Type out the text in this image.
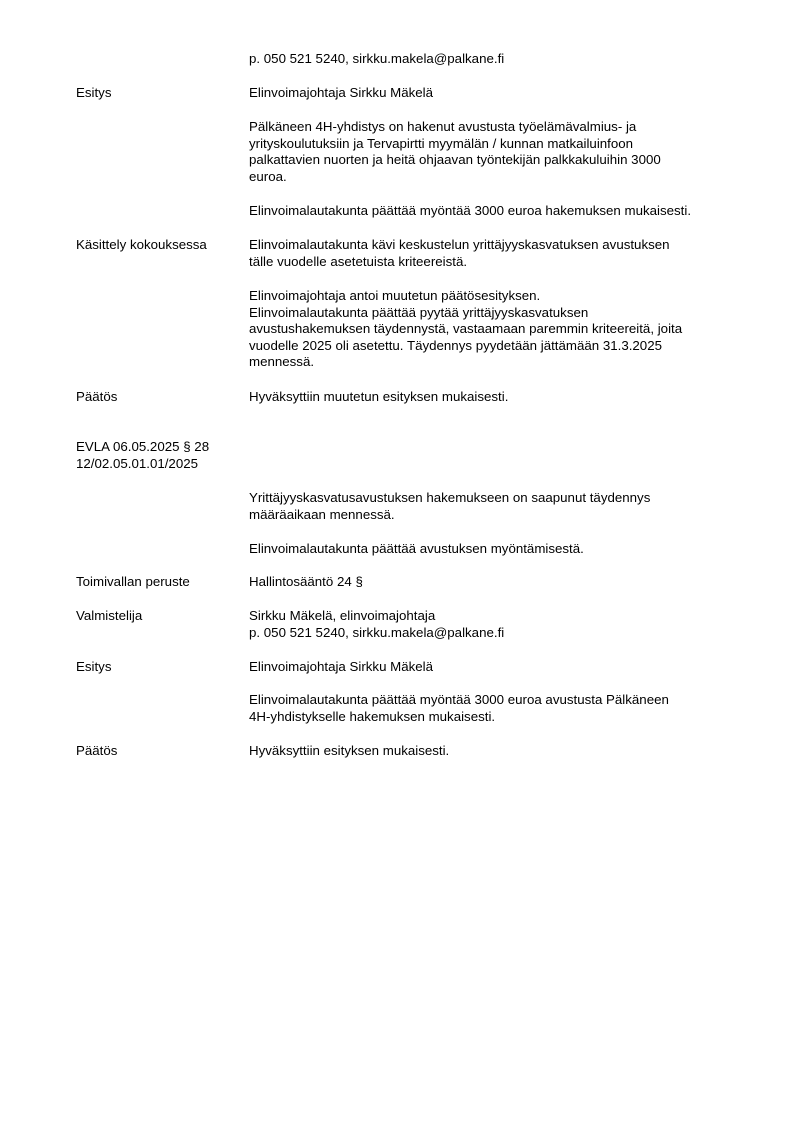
p. 050 521 5240, sirkku.makela@palkane.fi
Esitys	Elinvoimajohtaja Sirkku Mäkelä
Pälkäneen 4H-yhdistys on hakenut avustusta työelämävalmius- ja
yrityskoulutuksiin ja Tervapirtti myymälän / kunnan matkailuinfoon
palkattavien nuorten ja heitä ohjaavan työntekijän palkkakuluihin 3000
euroa.
Elinvoimalautakunta päättää myöntää 3000 euroa hakemuksen mukaisesti.
Käsittely kokouksessa	Elinvoimalautakunta kävi keskustelun yrittäjyyskasvatuksen avustuksen
tälle vuodelle asetetuista kriteereistä.
Elinvoimajohtaja antoi muutetun päätösesityksen.
Elinvoimalautakunta päättää pyytää yrittäjyyskasvatuksen
avustushakemuksen täydennystä, vastaamaan paremmin kriteereitä, joita
vuodelle 2025 oli asetettu. Täydennys pyydetään jättämään 31.3.2025
mennessä.
Päätös	Hyväksyttiin muutetun esityksen mukaisesti.
EVLA 06.05.2025 § 28
12/02.05.01.01/2025
Yrittäjyyskasvatusavustuksen hakemukseen on saapunut täydennys
määräaikaan mennessä.
Elinvoimalautakunta päättää avustuksen myöntämisestä.
Toimivallan peruste	Hallintosääntö 24 §
Valmistelija	Sirkku Mäkelä, elinvoimajohtaja
p. 050 521 5240, sirkku.makela@palkane.fi
Esitys	Elinvoimajohtaja Sirkku Mäkelä
Elinvoimalautakunta päättää myöntää 3000 euroa avustusta Pälkäneen
4H-yhdistykselle hakemuksen mukaisesti.
Päätös	Hyväksyttiin esityksen mukaisesti.
